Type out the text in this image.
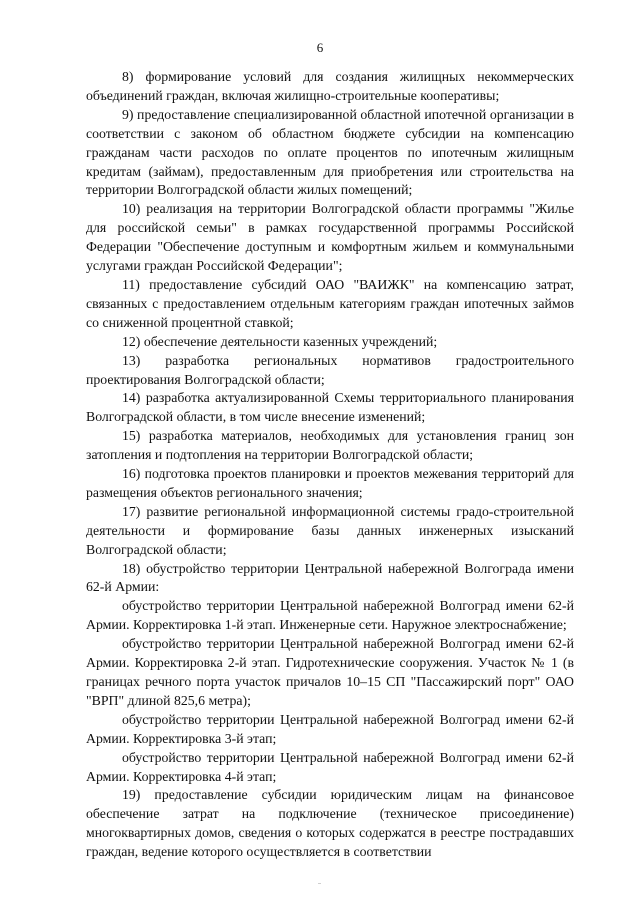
6

8) формирование условий для создания жилищных некоммерческих объединений граждан, включая жилищно-строительные кооперативы;

9) предоставление специализированной областной ипотечной организации в соответствии с законом об областном бюджете субсидии на компенсацию гражданам части расходов по оплате процентов по ипотечным жилищным кредитам (займам), предоставленным для приобретения или строительства на территории Волгоградской области жилых помещений;

10) реализация на территории Волгоградской области программы "Жилье для российской семьи" в рамках государственной программы Российской Федерации "Обеспечение доступным и комфортным жильем и коммунальными услугами граждан Российской Федерации";

11) предоставление субсидий ОАО "ВАИЖК" на компенсацию затрат, связанных с предоставлением отдельным категориям граждан ипотечных займов со сниженной процентной ставкой;

12) обеспечение деятельности казенных учреждений;

13) разработка региональных нормативов градостроительного проектирования Волгоградской области;

14) разработка актуализированной Схемы территориального планирования Волгоградской области, в том числе внесение изменений;

15) разработка материалов, необходимых для установления границ зон затопления и подтопления на территории Волгоградской области;

16) подготовка проектов планировки и проектов межевания территорий для размещения объектов регионального значения;

17) развитие региональной информационной системы градо-строительной деятельности и формирование базы данных инженерных изысканий Волгоградской области;

18) обустройство территории Центральной набережной Волгограда имени 62-й Армии:

обустройство территории Центральной набережной Волгоград имени 62-й Армии. Корректировка 1-й этап. Инженерные сети. Наружное электроснабжение;

обустройство территории Центральной набережной Волгоград имени 62-й Армии. Корректировка 2-й этап. Гидротехнические сооружения. Участок № 1 (в границах речного порта участок причалов 10–15 СП "Пассажирский порт" ОАО "ВРП" длиной 825,6 метра);

обустройство территории Центральной набережной Волгоград имени 62-й Армии. Корректировка 3-й этап;

обустройство территории Центральной набережной Волгоград имени 62-й Армии. Корректировка 4-й этап;

19) предоставление субсидии юридическим лицам на финансовое обеспечение затрат на подключение (техническое присоединение) многоквартирных домов, сведения о которых содержатся в реестре пострадавших граждан, ведение которого осуществляется в соответствии
